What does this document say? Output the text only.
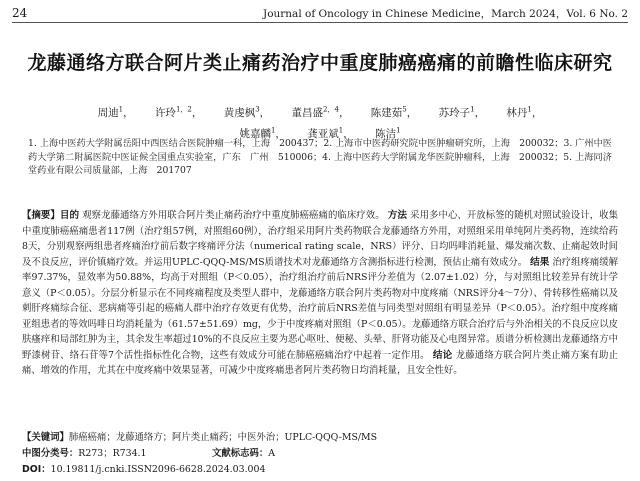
24	Journal of Oncology in Chinese Medicine，March 2024，Vol. 6 No. 2
龙藤通络方联合阿片类止痛药治疗中重度肺癌癌痛的前瞻性临床研究
周迪$^1$， 许玲$^{1,2}$， 黄虔枫$^3$， 董昌盛$^{2,4}$， 陈建茹$^5$， 苏玲子$^1$， 林丹$^1$，
姚嘉麟$^1$， 龚亚斌$^1$， 陈洁$^1$
1. 上海中医药大学附属岳阳中西医结合医院肿瘤一科，上海　200437；2. 上海市中医药研究院中医肿瘤研究所，上海　200032；3. 广州中医药大学第二附属医院中医证候全国重点实验室，广东　广州　510006；4. 上海中医药大学附属龙华医院肿瘤科，上海　200032；5. 上海同济堂药业有限公司质量部，上海　201707
【摘要】目的 观察龙藤通络方外用联合阿片类止痛药治疗中重度肺癌癌痛的临床疗效。 方法 采用多中心、开放标签的随机对照试验设计，收集中重度肺癌癌痛患者117例（治疗组57例，对照组60例），治疗组采用阿片类药物联合龙藤通络方外用，对照组采用单纯阿片类药物，连续给药8天，分别观察两组患者疼痛治疗前后数字疼痛评分法（numerical rating scale，NRS）评分、日均吗啡消耗量、爆发痛次数、止痛起效时间及不良反应，评价镇痛疗效。并运用UPLC-QQQ-MS/MS质谱技术对龙藤通络方含测指标进行检测，预估止痛有效成分。 结果 治疗组疼痛缓解率97.37%，显效率为50.88%，均高于对照组（P＜0.05），治疗组治疗前后NRS评分差值为（2.07±1.02）分，与对照组比较差异有统计学意义（P＜0.05）。分层分析显示在不同疼痛程度及类型人群中，龙藤通络方联合阿片类药物对中度疼痛（NRS评分4～7分）、骨转移性癌痛以及刺肝疼痛综合征、恶病痛等引起的癌痛人群中治疗存效更有优势，治疗前后NRS差值与同类型对照组有明显差异（P＜0.05）。治疗组中度疼痛亚组患者的等效吗啡日均消耗量为（61.57±51.69）mg，少于中度疼痛对照组（P＜0.05）。龙藤通络方联合治疗后与外治相关的不良反应以皮肤瘙痒和局部红肿为主，其余发生率超过10%的不良反应主要为恶心呕吐、便秘、头晕、肝肾功能及心电图异常。质谱分析检测出龙藤通络方中野漆树苷、络石苷等7个活性指标性化合物，这些有效成分可能在肺癌癌痛治疗中起着一定作用。 结论 龙藤通络方联合阿片类止痛方案有助止痛、增效的作用，尤其在中度疼痛中效果显著，可减少中度疼痛患者阿片类药物日均消耗量，且安全性好。
【关键词】肺癌癌痛；龙藤通络方；阿片类止痛药；中医外治；UPLC-QQQ-MS/MS
中图分类号：R273；R734.1	文献标志码：A
DOI：10.19811/j.cnki.ISSN2096-6628.2024.03.004
